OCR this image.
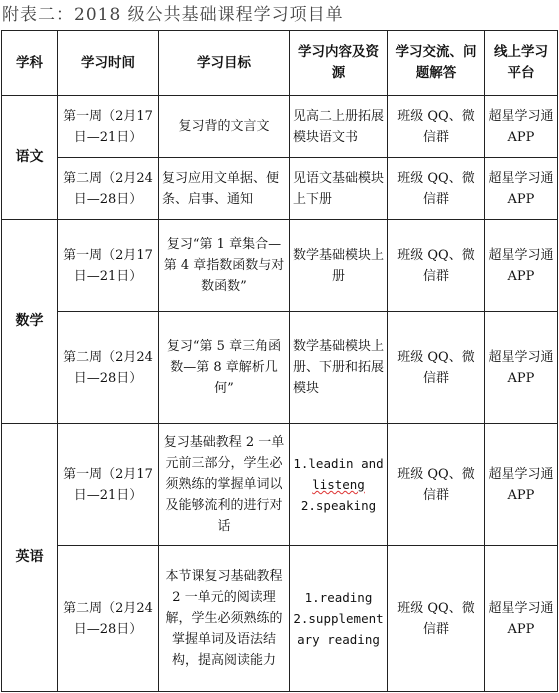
附表二：2018 级公共基础课程学习项目单
学科	学习时间	学习目标	学习内容及资源	学习交流、问题解答	线上学习平台
语文	第一周（2月17日—21日）	复习背的文言文	见高二上册拓展模块语文书	班级 QQ、微信群	超星学习通 APP
	第二周（2月24日—28日）	复习应用文单据、便条、启事、通知	见语文基础模块上下册	班级 QQ、微信群	超星学习通 APP
数学	第一周（2月17日—21日）	复习“第 1 章集合—第 4 章指数函数与对数函数”	数学基础模块上册	班级 QQ、微信群	超星学习通 APP
	第二周（2月24日—28日）	复习“第 5 章三角函数—第 8 章解析几何”	数学基础模块上册、下册和拓展模块	班级 QQ、微信群	超星学习通 APP
英语	第一周（2月17日—21日）	复习基础教程 2 一单元前三部分，学生必须熟练的掌握单词以及能够流利的进行对话	1.leadin and
listeng
2.speaking	班级 QQ、微信群	超星学习通 APP
	第二周（2月24日—28日）	本节课复习基础教程 2 一单元的阅读理解，学生必须熟练的掌握单词及语法结构，提高阅读能力	1.reading
2.supplementary reading	班级 QQ、微信群	超星学习通 APP
